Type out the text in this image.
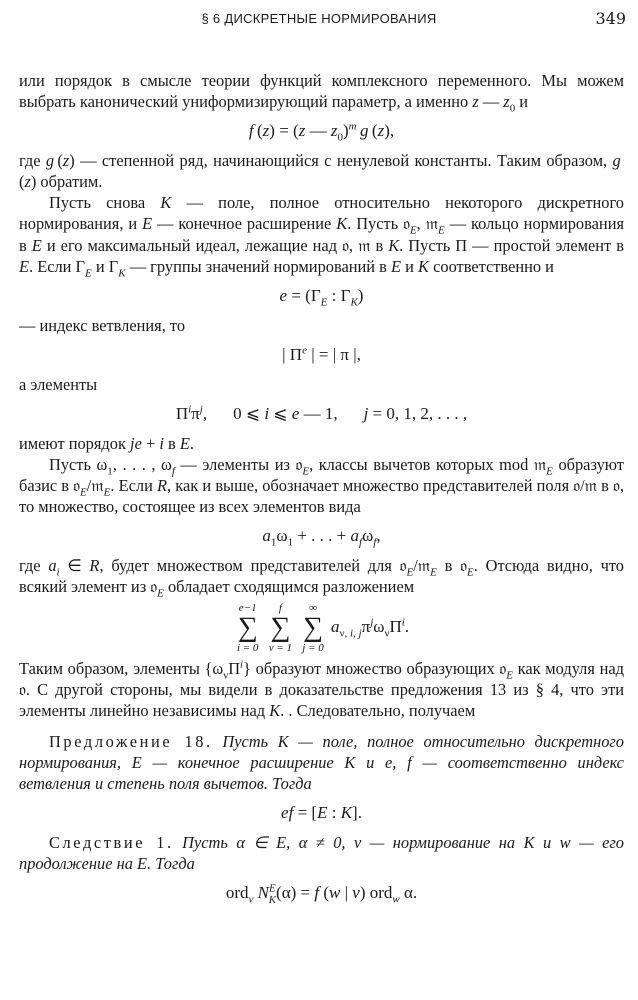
§ 6 ДИСКРЕТНЫЕ НОРМИРОВАНИЯ	349

или порядок в смысле теории функций комплексного переменного. Мы можем выбрать канонический униформизирующий параметр, а именно z — $z_0$ и

f (z) = (z — $z_0)^m$  g (z),

где g (z) — степенной ряд, начинающийся с ненулевой константы. Таким образом, g (z) обратим.

Пусть снова K — поле, полное относительно некоторого дискретного нормирования, и E — конечное расширение K. Пусть 𝔬$_E$, 𝔪$_E$ — кольцо нормирования в E и его максимальный идеал, лежащие над 𝔬, 𝔪 в K. Пусть П — простой элемент в E. Если $\Gamma_E$ и $\Gamma_K$ — группы значений нормирований в E и K соответственно и

$e = (\Gamma_E$ : $\Gamma_K$)

— индекс ветвления, то

| $\Pi^e$ | = | π |,

а элементы

$\Pi^i\pi^j$, 0 ⩽ i ⩽ e — 1, j = 0, 1, 2, . . . ,

имеют порядок je + i в E.

Пусть $\omega_1$, . . . , $\omega_f$ — элементы из 𝔬$_E$, классы вычетов которых mod 𝔪$_E$ образуют базис в 𝔬$_E$/𝔪$_E$. Если R, как и выше, обозначает множество представителей поля 𝔬/𝔪 в 𝔬, то множество, состоящее из всех элементов вида

$a_1\omega_1$ + . . . + $a_f\omega_f$,

где $a_i$ ∈ R, будет множеством представителей для 𝔬$_E$/𝔪$_E$ в 𝔬$_E$. Отсюда видно, что всякий элемент из 𝔬$_E$ обладает сходящимся разложением

e−1
∑
i = 0

f
∑
ν = 1

∞
∑
j = 0
$a_{\nu, i, j}\pi^j\omega_\nu\Pi^i$.

Таким образом, элементы $\{\omega_\nu\Pi^i\}$ образуют множество образующих 𝔬$_E$ как модуля над 𝔬. С другой стороны, мы видели в доказательстве предложения 13 из § 4, что эти элементы линейно независимы над K. . Следовательно, получаем

Предложение 18. Пусть K — поле, полное относительно дискретного нормирования, E — конечное расширение K и e, f — соответственно индекс ветвления и степень поля вычетов. Тогда

ef = [E : K].

Следствие 1. Пусть α ∈ E, α ≠ 0, v — нормирование на K и w — его продолжение на E. Тогда

ord$_v$ $N^E_K(\alpha) = f$ (w | v) ord$_w$ α.
